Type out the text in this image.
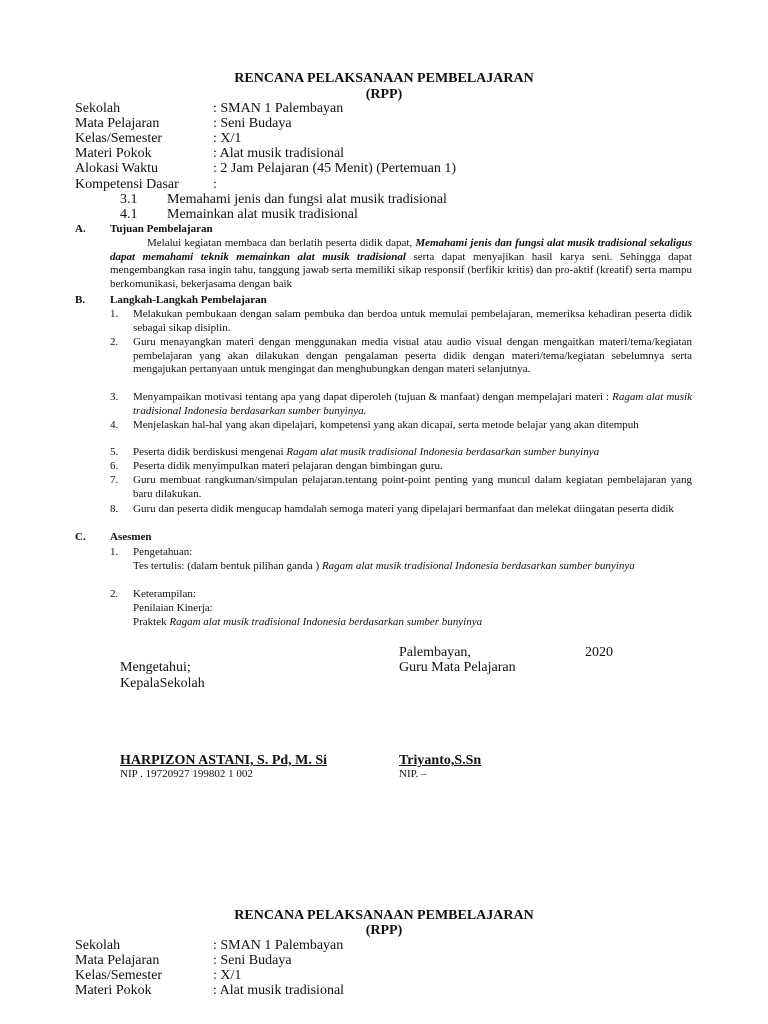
RENCANA PELAKSANAAN PEMBELAJARAN
(RPP)
Sekolah	: SMAN 1 Palembayan
Mata Pelajaran	: Seni Budaya
Kelas/Semester	: X/1
Materi Pokok	: Alat musik tradisional
Alokasi Waktu	: 2 Jam Pelajaran (45 Menit) (Pertemuan 1)
Kompetensi Dasar :
3.1 Memahami jenis dan fungsi alat musik tradisional
4.1 Memainkan alat musik tradisional
A. Tujuan Pembelajaran
Melalui kegiatan membaca dan berlatih peserta didik dapat, Memahami jenis dan fungsi alat musik tradisional sekaligus dapat memahami teknik memainkan alat musik tradisional serta dapat menyajikan hasil karya seni. Sehingga dapat mengembangkan rasa ingin tahu, tanggung jawab serta memiliki sikap responsif (berfikir kritis) dan pro-aktif (kreatif) serta mampu berkomunikasi, bekerjasama dengan baik
B. Langkah-Langkah Pembelajaran
1. Melakukan pembukaan dengan salam pembuka dan berdoa untuk memulai pembelajaran, memeriksa kehadiran peserta didik sebagai sikap disiplin.
2. Guru menayangkan materi dengan menggunakan media visual atau audio visual dengan mengaitkan materi/tema/kegiatan pembelajaran yang akan dilakukan dengan pengalaman peserta didik dengan materi/tema/kegiatan sebelumnya serta mengajukan pertanyaan untuk mengingat dan menghubungkan dengan materi selanjutnya.
3. Menyampaikan motivasi tentang apa yang dapat diperoleh (tujuan & manfaat) dengan mempelajari materi : Ragam alat musik tradisional Indonesia berdasarkan sumber bunyinya.
4. Menjelaskan hal-hal yang akan dipelajari, kompetensi yang akan dicapai, serta metode belajar yang akan ditempuh
5. Peserta didik berdiskusi mengenai Ragam alat musik tradisional Indonesia berdasarkan sumber bunyinya
6. Peserta didik menyimpulkan materi pelajaran dengan bimbingan guru.
7. Guru membuat rangkuman/simpulan pelajaran.tentang point-point penting yang muncul dalam kegiatan pembelajaran yang baru dilakukan.
8. Guru dan peserta didik mengucap hamdalah semoga materi yang dipelajari bermanfaat dan melekat diingatan peserta didik
C. Asesmen
1. Pengetahuan:
Tes tertulis: (dalam bentuk pilihan ganda ) Ragam alat musik tradisional Indonesia berdasarkan sumber bunyinya
2. Keterampilan:
Penilaian Kinerja:
Praktek Ragam alat musik tradisional Indonesia berdasarkan sumber bunyinya
Palembayan,	2020
Mengetahui;	Guru Mata Pelajaran
KepalaSekolah
HARPIZON ASTANI, S. Pd, M. Si	Triyanto,S.Sn
NIP . 19720927 199802 1 002	NIP. –
RENCANA PELAKSANAAN PEMBELAJARAN
(RPP)
Sekolah	: SMAN 1 Palembayan
Mata Pelajaran	: Seni Budaya
Kelas/Semester	: X/1
Materi Pokok	: Alat musik tradisional
